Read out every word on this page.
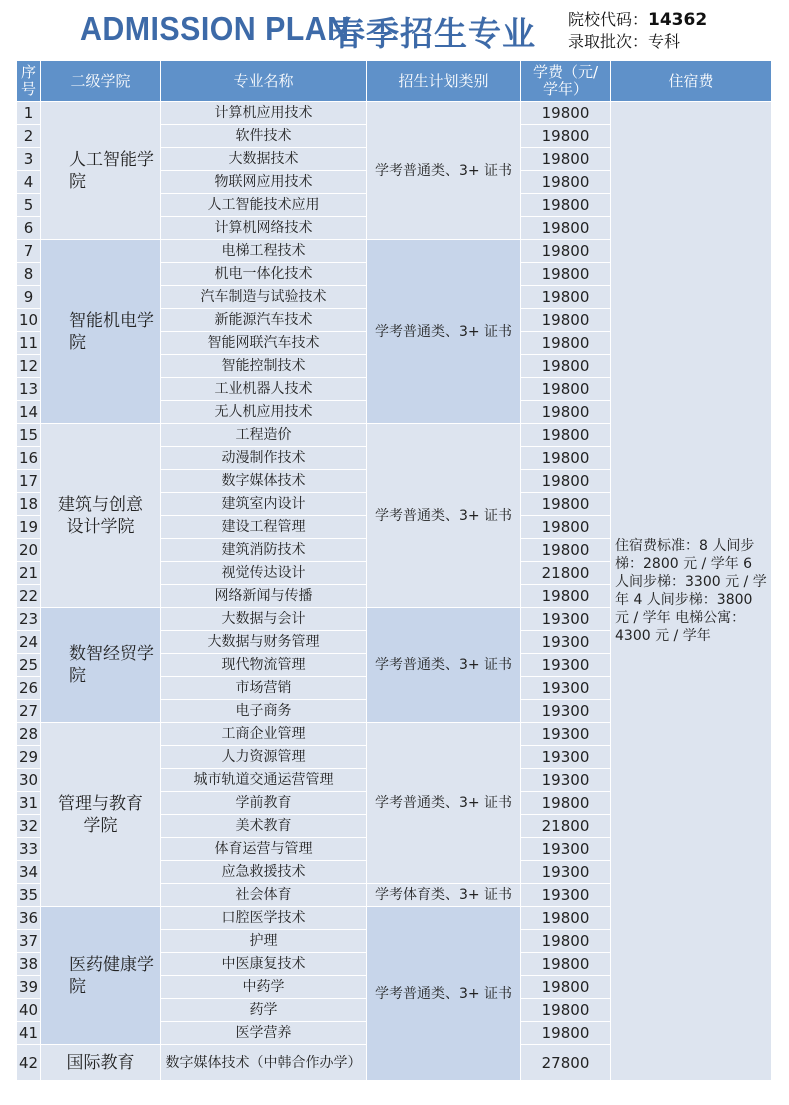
ADMISSION PLAN
春季招生专业 院校代码：14362
录取批次：专科
序号	二级学院	专业名称	招生计划类别	学费（元/学年）	住宿费
1	人工智能学院	计算机应用技术	学考普通类、3+ 证书	19800	住宿费标准：8 人间步梯：2800 元 / 学年 6 人间步梯：3300 元 / 学年 4 人间步梯：3800 元 / 学年 电梯公寓：4300 元 / 学年
2		软件技术		19800	
3		大数据技术		19800	
4		物联网应用技术		19800	
5		人工智能技术应用		19800	
6		计算机网络技术		19800	
7	智能机电学院	电梯工程技术	学考普通类、3+ 证书	19800	
8		机电一体化技术		19800	
9		汽车制造与试验技术		19800	
10		新能源汽车技术		19800	
11		智能网联汽车技术		19800	
12		智能控制技术		19800	
13		工业机器人技术		19800	
14		无人机应用技术		19800	
15	建筑与创意设计学院	工程造价	学考普通类、3+ 证书	19800	
16		动漫制作技术		19800	
17		数字媒体技术		19800	
18		建筑室内设计		19800	
19		建设工程管理		19800	
20		建筑消防技术		19800	
21		视觉传达设计		21800	
22		网络新闻与传播		19800	
23	数智经贸学院	大数据与会计	学考普通类、3+ 证书	19300	
24		大数据与财务管理		19300	
25		现代物流管理		19300	
26		市场营销		19300	
27		电子商务		19300	
28	管理与教育学院	工商企业管理	学考普通类、3+ 证书	19300	
29		人力资源管理		19300	
30		城市轨道交通运营管理		19300	
31		学前教育		19800	
32		美术教育		21800	
33		体育运营与管理		19300	
34		应急救援技术		19300	
35		社会体育	学考体育类、3+ 证书	19300	
36	医药健康学院	口腔医学技术	学考普通类、3+ 证书	19800	
37		护理		19800	
38		中医康复技术		19800	
39		中药学		19800	
40		药学		19800	
41		医学营养		19800	
42	国际教育	数字媒体技术（中韩合作办学）		27800	
